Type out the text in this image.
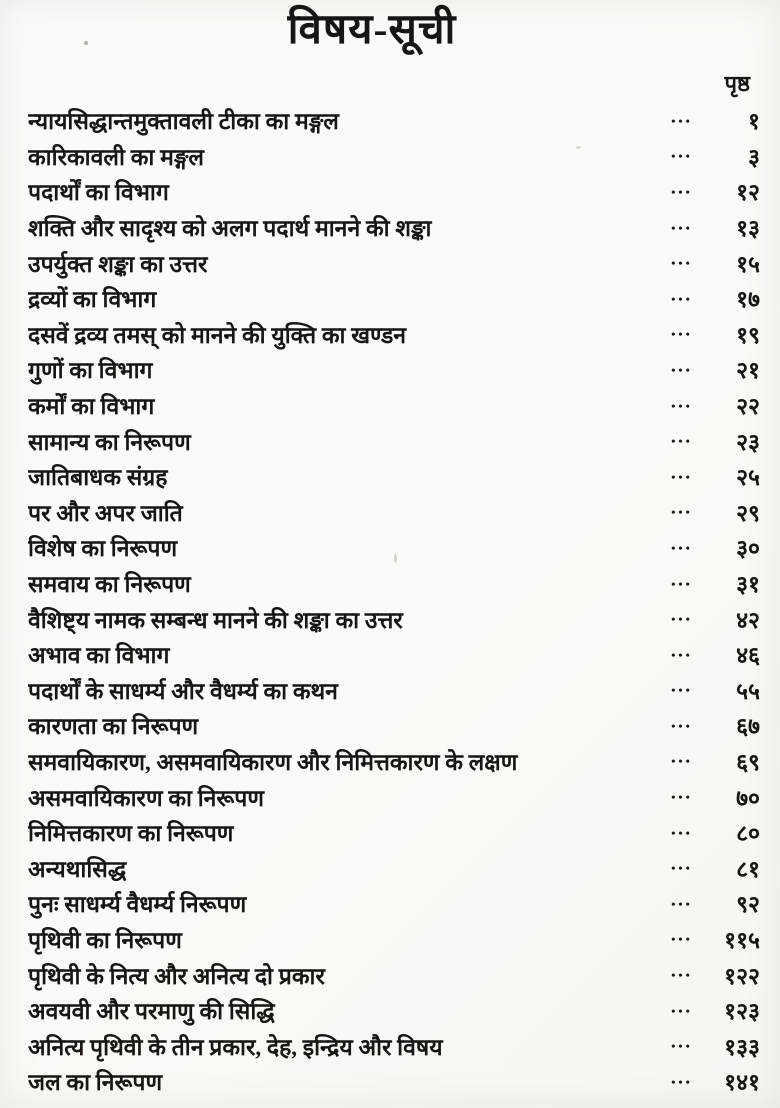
विषय-सूची
पृष्ठ
न्यायसिद्धान्तमुक्तावली टीका का मङ्गल	•••	१
कारिकावली का मङ्गल	•••	३
पदार्थों का विभाग	•••	१२
शक्ति और सादृश्य को अलग पदार्थ मानने की शङ्का	•••	१३
उपर्युक्त शङ्का का उत्तर	•••	१५
द्रव्यों का विभाग	•••	१७
दसवें द्रव्य तमस् को मानने की युक्ति का खण्डन	•••	१९
गुणों का विभाग	•••	२१
कर्मों का विभाग	•••	२२
सामान्य का निरूपण	•••	२३
जातिबाधक संग्रह	•••	२५
पर और अपर जाति	•••	२९
विशेष का निरूपण	•••	३०
समवाय का निरूपण	•••	३१
वैशिष्ट्य नामक सम्बन्ध मानने की शङ्का का उत्तर	•••	४२
अभाव का विभाग	•••	४६
पदार्थों के साधर्म्य और वैधर्म्य का कथन	•••	५५
कारणता का निरूपण	•••	६७
समवायिकारण, असमवायिकारण और निमित्तकारण के लक्षण	•••	६९
असमवायिकारण का निरूपण	•••	७०
निमित्तकारण का निरूपण	•••	८०
अन्यथासिद्ध	•••	८१
पुनः साधर्म्य वैधर्म्य निरूपण	•••	९२
पृथिवी का निरूपण	•••	११५
पृथिवी के नित्य और अनित्य दो प्रकार	•••	१२२
अवयवी और परमाणु की सिद्धि	•••	१२३
अनित्य पृथिवी के तीन प्रकार, देह, इन्द्रिय और विषय	•••	१३३
जल का निरूपण	•••	१४१
